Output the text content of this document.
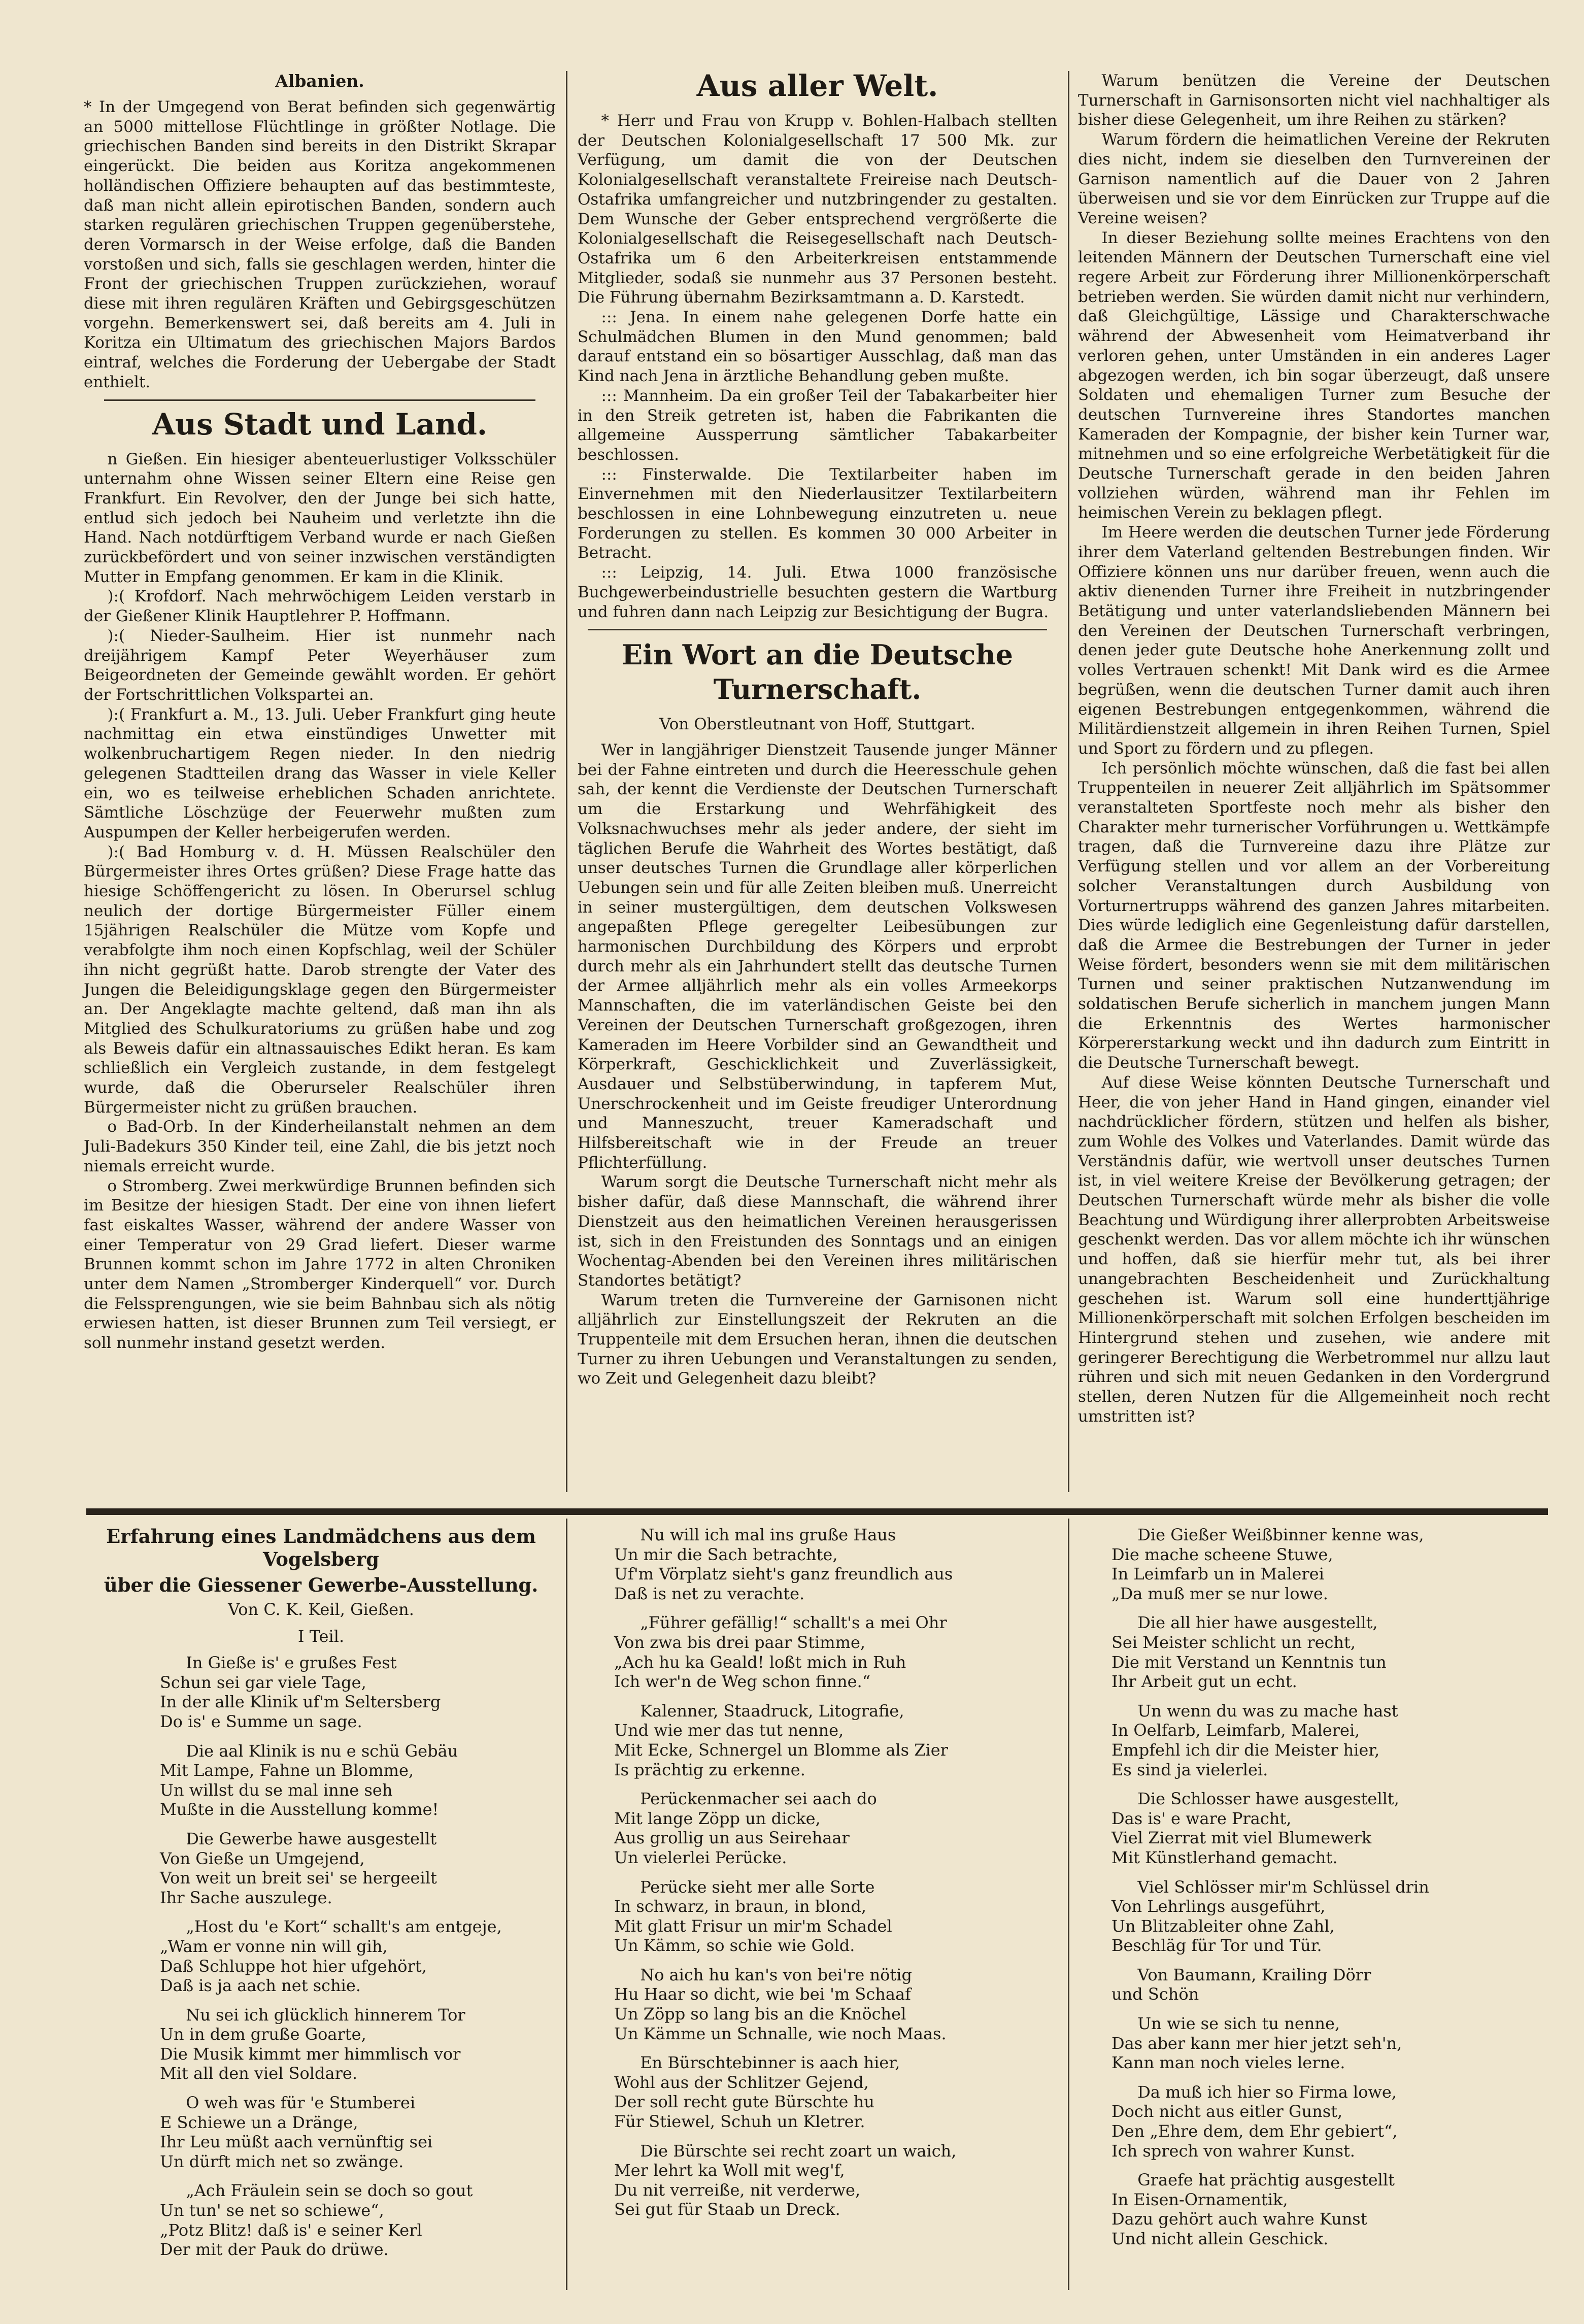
Albanien.

* In der Umgegend von Berat befinden sich gegenwärtig an 5000 mittellose Flüchtlinge in größter Notlage. Die griechischen Banden sind bereits in den Distrikt Skrapar eingerückt. Die beiden aus Koritza angekommenen holländischen Offiziere behaupten auf das bestimmteste, daß man nicht allein epirotischen Banden, sondern auch starken regulären griechischen Truppen gegenüberstehe, deren Vormarsch in der Weise erfolge, daß die Banden vorstoßen und sich, falls sie geschlagen werden, hinter die Front der griechischen Truppen zurückziehen, worauf diese mit ihren regulären Kräften und Gebirgsgeschützen vorgehn. Bemerkenswert sei, daß bereits am 4. Juli in Koritza ein Ultimatum des griechischen Majors Bardos eintraf, welches die Forderung der Uebergabe der Stadt enthielt.

Aus Stadt und Land.

n Gießen. Ein hiesiger abenteuerlustiger Volksschüler unternahm ohne Wissen seiner Eltern eine Reise gen Frankfurt. Ein Revolver, den der Junge bei sich hatte, entlud sich jedoch bei Nauheim und verletzte ihn die Hand. Nach notdürftigem Verband wurde er nach Gießen zurückbefördert und von seiner inzwischen verständigten Mutter in Empfang genommen. Er kam in die Klinik.

):( Krofdorf. Nach mehrwöchigem Leiden verstarb in der Gießener Klinik Hauptlehrer P. Hoffmann.

):( Nieder-Saulheim. Hier ist nunmehr nach dreijährigem Kampf Peter Weyerhäuser zum Beigeordneten der Gemeinde gewählt worden. Er gehört der Fortschrittlichen Volkspartei an.

):( Frankfurt a. M., 13. Juli. Ueber Frankfurt ging heute nachmittag ein etwa einstündiges Unwetter mit wolkenbruchartigem Regen nieder. In den niedrig gelegenen Stadtteilen drang das Wasser in viele Keller ein, wo es teilweise erheblichen Schaden anrichtete. Sämtliche Löschzüge der Feuerwehr mußten zum Auspumpen der Keller herbeigerufen werden.

):( Bad Homburg v. d. H. Müssen Realschüler den Bürgermeister ihres Ortes grüßen? Diese Frage hatte das hiesige Schöffengericht zu lösen. In Oberursel schlug neulich der dortige Bürgermeister Füller einem 15jährigen Realschüler die Mütze vom Kopfe und verabfolgte ihm noch einen Kopfschlag, weil der Schüler ihn nicht gegrüßt hatte. Darob strengte der Vater des Jungen die Beleidigungsklage gegen den Bürgermeister an. Der Angeklagte machte geltend, daß man ihn als Mitglied des Schulkuratoriums zu grüßen habe und zog als Beweis dafür ein altnassauisches Edikt heran. Es kam schließlich ein Vergleich zustande, in dem festgelegt wurde, daß die Oberurseler Realschüler ihren Bürgermeister nicht zu grüßen brauchen.

o Bad-Orb. In der Kinderheilanstalt nehmen an dem Juli-Badekurs 350 Kinder teil, eine Zahl, die bis jetzt noch niemals erreicht wurde.

o Stromberg. Zwei merkwürdige Brunnen befinden sich im Besitze der hiesigen Stadt. Der eine von ihnen liefert fast eiskaltes Wasser, während der andere Wasser von einer Temperatur von 29 Grad liefert. Dieser warme Brunnen kommt schon im Jahre 1772 in alten Chroniken unter dem Namen „Stromberger Kinderquell“ vor. Durch die Felssprengungen, wie sie beim Bahnbau sich als nötig erwiesen hatten, ist dieser Brunnen zum Teil versiegt, er soll nunmehr instand gesetzt werden.

Aus aller Welt.

* Herr und Frau von Krupp v. Bohlen-Halbach stellten der Deutschen Kolonialgesellschaft 17 500 Mk. zur Verfügung, um damit die von der Deutschen Kolonialgesellschaft veranstaltete Freireise nach Deutsch-Ostafrika umfangreicher und nutzbringender zu gestalten. Dem Wunsche der Geber entsprechend vergrößerte die Kolonialgesellschaft die Reisegesellschaft nach Deutsch-Ostafrika um 6 den Arbeiterkreisen entstammende Mitglieder, sodaß sie nunmehr aus 37 Personen besteht. Die Führung übernahm Bezirksamtmann a. D. Karstedt.

::: Jena. In einem nahe gelegenen Dorfe hatte ein Schulmädchen Blumen in den Mund genommen; bald darauf entstand ein so bösartiger Ausschlag, daß man das Kind nach Jena in ärztliche Behandlung geben mußte.

::: Mannheim. Da ein großer Teil der Tabakarbeiter hier in den Streik getreten ist, haben die Fabrikanten die allgemeine Aussperrung sämtlicher Tabakarbeiter beschlossen.

::: Finsterwalde. Die Textilarbeiter haben im Einvernehmen mit den Niederlausitzer Textilarbeitern beschlossen in eine Lohnbewegung einzutreten u. neue Forderungen zu stellen. Es kommen 30 000 Arbeiter in Betracht.

::: Leipzig, 14. Juli. Etwa 1000 französische Buchgewerbeindustrielle besuchten gestern die Wartburg und fuhren dann nach Leipzig zur Besichtigung der Bugra.

Ein Wort an die Deutsche Turnerschaft.
Von Oberstleutnant von Hoff, Stuttgart.

Wer in langjähriger Dienstzeit Tausende junger Männer bei der Fahne eintreten und durch die Heeresschule gehen sah, der kennt die Verdienste der Deutschen Turnerschaft um die Erstarkung und Wehrfähigkeit des Volksnachwuchses mehr als jeder andere, der sieht im täglichen Berufe die Wahrheit des Wortes bestätigt, daß unser deutsches Turnen die Grundlage aller körperlichen Uebungen sein und für alle Zeiten bleiben muß. Unerreicht in seiner mustergültigen, dem deutschen Volkswesen angepaßten Pflege geregelter Leibesübungen zur harmonischen Durchbildung des Körpers und erprobt durch mehr als ein Jahrhundert stellt das deutsche Turnen der Armee alljährlich mehr als ein volles Armeekorps Mannschaften, die im vaterländischen Geiste bei den Vereinen der Deutschen Turnerschaft großgezogen, ihren Kameraden im Heere Vorbilder sind an Gewandtheit und Körperkraft, Geschicklichkeit und Zuverlässigkeit, Ausdauer und Selbstüberwindung, in tapferem Mut, Unerschrockenheit und im Geiste freudiger Unterordnung und Manneszucht, treuer Kameradschaft und Hilfsbereitschaft wie in der Freude an treuer Pflichterfüllung.

Warum sorgt die Deutsche Turnerschaft nicht mehr als bisher dafür, daß diese Mannschaft, die während ihrer Dienstzeit aus den heimatlichen Vereinen herausgerissen ist, sich in den Freistunden des Sonntags und an einigen Wochentag-Abenden bei den Vereinen ihres militärischen Standortes betätigt?

Warum treten die Turnvereine der Garnisonen nicht alljährlich zur Einstellungszeit der Rekruten an die Truppenteile mit dem Ersuchen heran, ihnen die deutschen Turner zu ihren Uebungen und Veranstaltungen zu senden, wo Zeit und Gelegenheit dazu bleibt?

Warum benützen die Vereine der Deutschen Turnerschaft in Garnisonsorten nicht viel nachhaltiger als bisher diese Gelegenheit, um ihre Reihen zu stärken?

Warum fördern die heimatlichen Vereine der Rekruten dies nicht, indem sie dieselben den Turnvereinen der Garnison namentlich auf die Dauer von 2 Jahren überweisen und sie vor dem Einrücken zur Truppe auf die Vereine weisen?

In dieser Beziehung sollte meines Erachtens von den leitenden Männern der Deutschen Turnerschaft eine viel regere Arbeit zur Förderung ihrer Millionenkörperschaft betrieben werden. Sie würden damit nicht nur verhindern, daß Gleichgültige, Lässige und Charakterschwache während der Abwesenheit vom Heimatverband ihr verloren gehen, unter Umständen in ein anderes Lager abgezogen werden, ich bin sogar überzeugt, daß unsere Soldaten und ehemaligen Turner zum Besuche der deutschen Turnvereine ihres Standortes manchen Kameraden der Kompagnie, der bisher kein Turner war, mitnehmen und so eine erfolgreiche Werbetätigkeit für die Deutsche Turnerschaft gerade in den beiden Jahren vollziehen würden, während man ihr Fehlen im heimischen Verein zu beklagen pflegt.

Im Heere werden die deutschen Turner jede Förderung ihrer dem Vaterland geltenden Bestrebungen finden. Wir Offiziere können uns nur darüber freuen, wenn auch die aktiv dienenden Turner ihre Freiheit in nutzbringender Betätigung und unter vaterlandsliebenden Männern bei den Vereinen der Deutschen Turnerschaft verbringen, denen jeder gute Deutsche hohe Anerkennung zollt und volles Vertrauen schenkt! Mit Dank wird es die Armee begrüßen, wenn die deutschen Turner damit auch ihren eigenen Bestrebungen entgegenkommen, während die Militärdienstzeit allgemein in ihren Reihen Turnen, Spiel und Sport zu fördern und zu pflegen.

Ich persönlich möchte wünschen, daß die fast bei allen Truppenteilen in neuerer Zeit alljährlich im Spätsommer veranstalteten Sportfeste noch mehr als bisher den Charakter mehr turnerischer Vorführungen u. Wettkämpfe tragen, daß die Turnvereine dazu ihre Plätze zur Verfügung stellen und vor allem an der Vorbereitung solcher Veranstaltungen durch Ausbildung von Vorturnertrupps während des ganzen Jahres mitarbeiten. Dies würde lediglich eine Gegenleistung dafür darstellen, daß die Armee die Bestrebungen der Turner in jeder Weise fördert, besonders wenn sie mit dem militärischen Turnen und seiner praktischen Nutzanwendung im soldatischen Berufe sicherlich in manchem jungen Mann die Erkenntnis des Wertes harmonischer Körpererstarkung weckt und ihn dadurch zum Eintritt in die Deutsche Turnerschaft bewegt.

Auf diese Weise könnten Deutsche Turnerschaft und Heer, die von jeher Hand in Hand gingen, einander viel nachdrücklicher fördern, stützen und helfen als bisher, zum Wohle des Volkes und Vaterlandes. Damit würde das Verständnis dafür, wie wertvoll unser deutsches Turnen ist, in viel weitere Kreise der Bevölkerung getragen; der Deutschen Turnerschaft würde mehr als bisher die volle Beachtung und Würdigung ihrer allerprobten Arbeitsweise geschenkt werden. Das vor allem möchte ich ihr wünschen und hoffen, daß sie hierfür mehr tut, als bei ihrer unangebrachten Bescheidenheit und Zurückhaltung geschehen ist. Warum soll eine hunderttjährige Millionenkörperschaft mit solchen Erfolgen bescheiden im Hintergrund stehen und zusehen, wie andere mit geringerer Berechtigung die Werbetrommel nur allzu laut rühren und sich mit neuen Gedanken in den Vordergrund stellen, deren Nutzen für die Allgemeinheit noch recht umstritten ist?

Erfahrung eines Landmädchens aus dem Vogelsberg
über die Giessener Gewerbe-Ausstellung.
Von C. K. Keil, Gießen.
I Teil.
In Gieße is' e grußes Fest
Schun sei gar viele Tage,
In der alle Klinik uf'm Seltersberg
Do is' e Summe un sage.
Die aal Klinik is nu e schü Gebäu
Mit Lampe, Fahne un Blomme,
Un willst du se mal inne seh
Mußte in die Ausstellung komme!
Die Gewerbe hawe ausgestellt
Von Gieße un Umgejend,
Von weit un breit sei' se hergeeilt
Ihr Sache auszulege.
„Host du 'e Kort“ schallt's am entgeje,
„Wam er vonne nin will gih,
Daß Schluppe hot hier ufgehört,
Daß is ja aach net schie.
Nu sei ich glücklich hinnerem Tor
Un in dem gruße Goarte,
Die Musik kimmt mer himmlisch vor
Mit all den viel Soldare.
O weh was für 'e Stumberei
E Schiewe un a Dränge,
Ihr Leu müßt aach vernünftig sei
Un dürft mich net so zwänge.
„Ach Fräulein sein se doch so gout
Un tun' se net so schiewe“,
„Potz Blitz! daß is' e seiner Kerl
Der mit der Pauk do drüwe.
Nu will ich mal ins gruße Haus
Un mir die Sach betrachte,
Uf'm Vörplatz sieht's ganz freundlich aus
Daß is net zu verachte.
„Führer gefällig!“ schallt's a mei Ohr
Von zwa bis drei paar Stimme,
„Ach hu ka Geald! loßt mich in Ruh
Ich wer'n de Weg schon finne.“
Kalenner, Staadruck, Litografie,
Und wie mer das tut nenne,
Mit Ecke, Schnergel un Blomme als Zier
Is prächtig zu erkenne.
Perückenmacher sei aach do
Mit lange Zöpp un dicke,
Aus grollig un aus Seirehaar
Un vielerlei Perücke.
Perücke sieht mer alle Sorte
In schwarz, in braun, in blond,
Mit glatt Frisur un mir'm Schadel
Un Kämm, so schie wie Gold.
No aich hu kan's von bei're nötig
Hu Haar so dicht, wie bei 'm Schaaf
Un Zöpp so lang bis an die Knöchel
Un Kämme un Schnalle, wie noch Maas.
En Bürschtebinner is aach hier,
Wohl aus der Schlitzer Gejend,
Der soll recht gute Bürschte hu
Für Stiewel, Schuh un Kletrer.
Die Bürschte sei recht zoart un waich,
Mer lehrt ka Woll mit weg'f,
Du nit verreiße, nit verderwe,
Sei gut für Staab un Dreck.
Die Gießer Weißbinner kenne was,
Die mache scheene Stuwe,
In Leimfarb un in Malerei
„Da muß mer se nur lowe.
Die all hier hawe ausgestellt,
Sei Meister schlicht un recht,
Die mit Verstand un Kenntnis tun
Ihr Arbeit gut un echt.
Un wenn du was zu mache hast
In Oelfarb, Leimfarb, Malerei,
Empfehl ich dir die Meister hier,
Es sind ja vielerlei.
Die Schlosser hawe ausgestellt,
Das is' e ware Pracht,
Viel Zierrat mit viel Blumewerk
Mit Künstlerhand gemacht.
Viel Schlösser mir'm Schlüssel drin
Von Lehrlings ausgeführt,
Un Blitzableiter ohne Zahl,
Beschläg für Tor und Tür.
Von Baumann, Krailing Dörr
und Schön
Un wie se sich tu nenne,
Das aber kann mer hier jetzt seh'n,
Kann man noch vieles lerne.
Da muß ich hier so Firma lowe,
Doch nicht aus eitler Gunst,
Den „Ehre dem, dem Ehr gebiert“,
Ich sprech von wahrer Kunst.
Graefe hat prächtig ausgestellt
In Eisen-Ornamentik,
Dazu gehört auch wahre Kunst
Und nicht allein Geschick.
